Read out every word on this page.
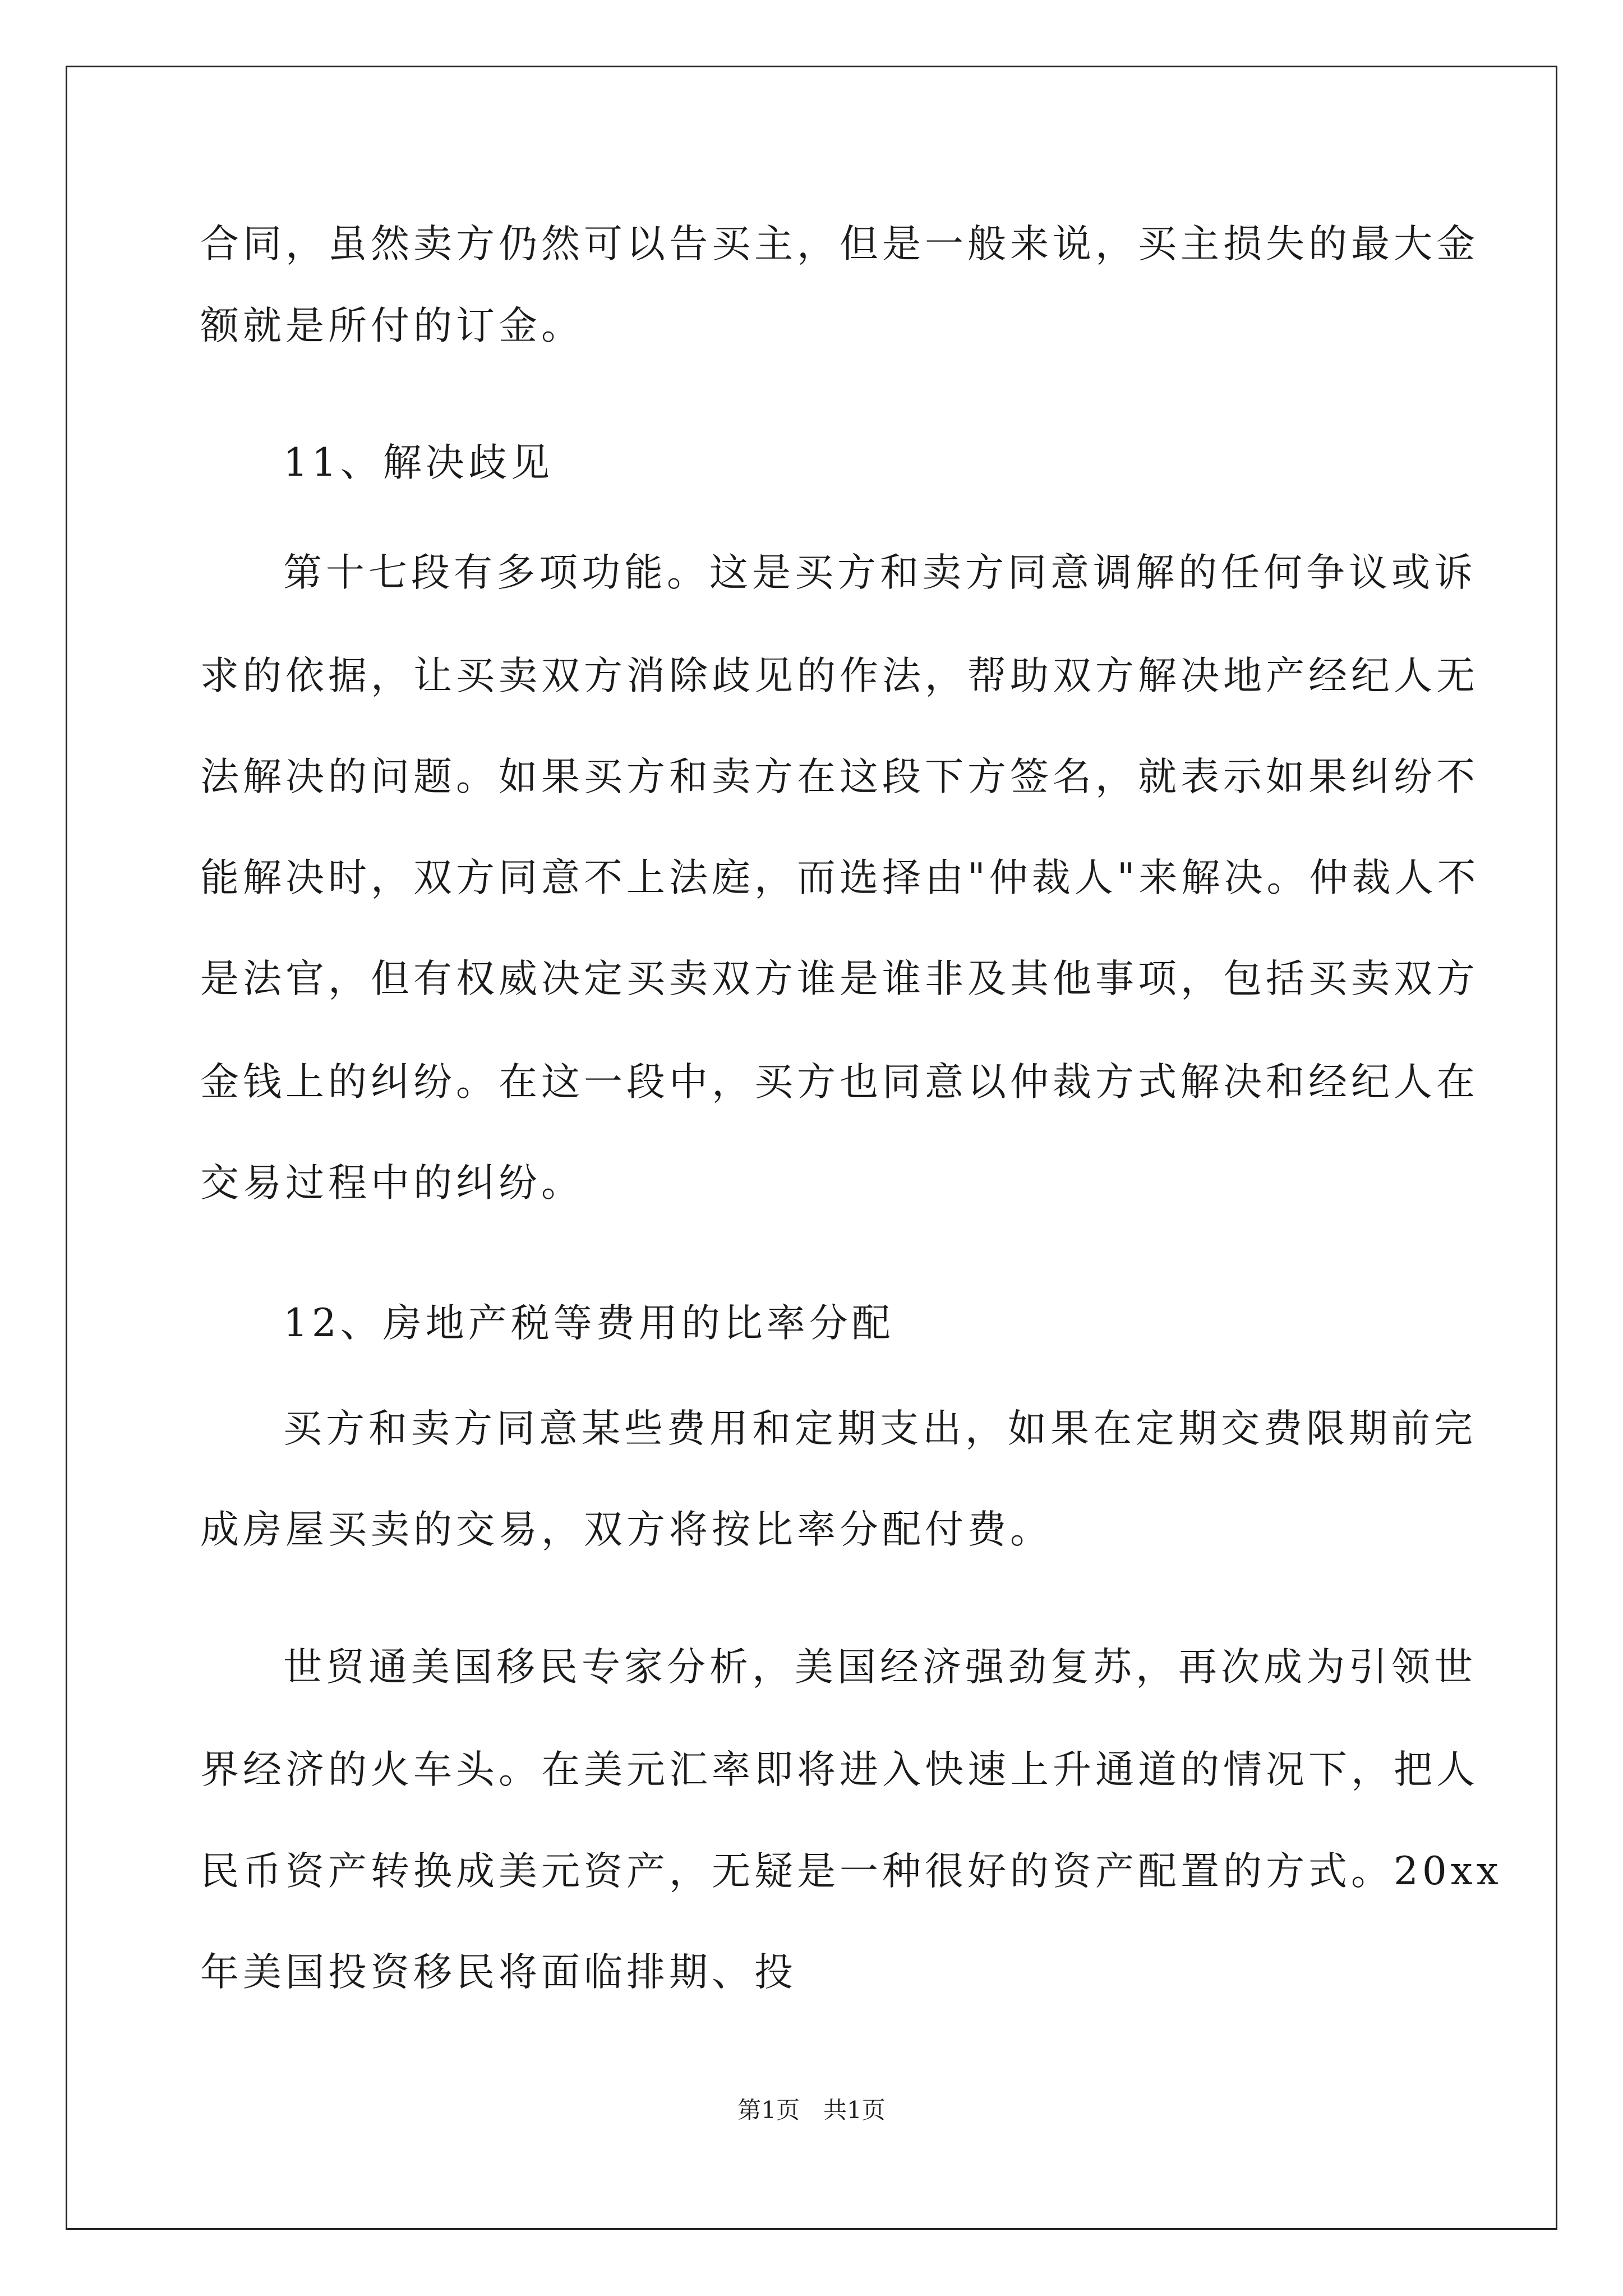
合同，虽然卖方仍然可以告买主，但是一般来说，买主损失的最大金
额就是所付的订金。
11、解决歧见
第十七段有多项功能。这是买方和卖方同意调解的任何争议或诉
求的依据，让买卖双方消除歧见的作法，帮助双方解决地产经纪人无
法解决的问题。如果买方和卖方在这段下方签名，就表示如果纠纷不
能解决时，双方同意不上法庭，而选择由"仲裁人"来解决。仲裁人不
是法官，但有权威决定买卖双方谁是谁非及其他事项，包括买卖双方
金钱上的纠纷。在这一段中，买方也同意以仲裁方式解决和经纪人在
交易过程中的纠纷。
12、房地产税等费用的比率分配
买方和卖方同意某些费用和定期支出，如果在定期交费限期前完
成房屋买卖的交易，双方将按比率分配付费。
世贸通美国移民专家分析，美国经济强劲复苏，再次成为引领世
界经济的火车头。在美元汇率即将进入快速上升通道的情况下，把人
民币资产转换成美元资产，无疑是一种很好的资产配置的方式。20xx
年美国投资移民将面临排期、投
第1页　共1页
